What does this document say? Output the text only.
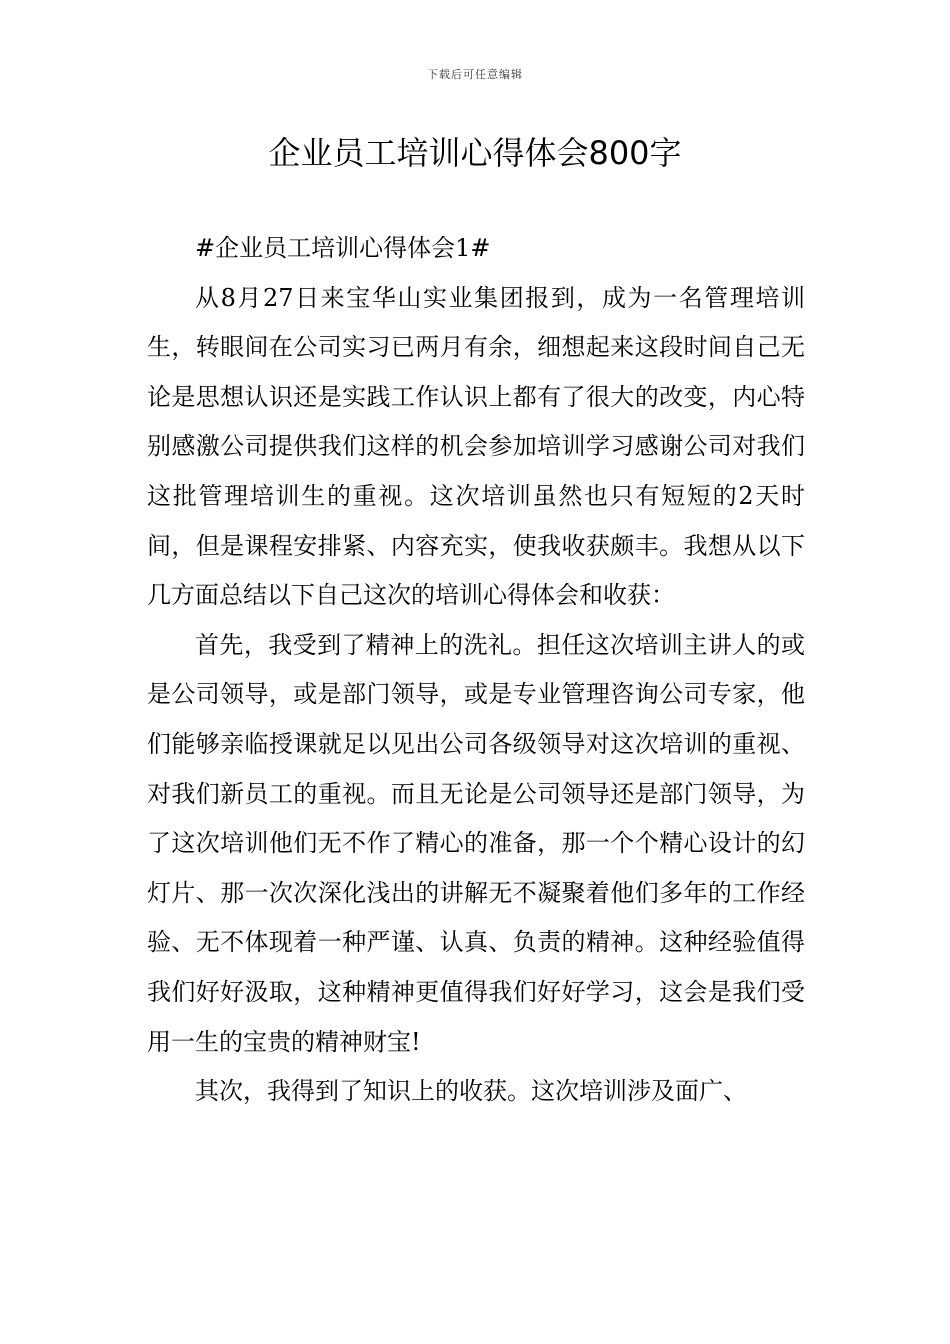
下载后可任意编辑
企业员工培训心得体会800字

#企业员工培训心得体会1#

从8月27日来宝华山实业集团报到，成为一名管理培训生，转眼间在公司实习已两月有余，细想起来这段时间自己无论是思想认识还是实践工作认识上都有了很大的改变，内心特别感激公司提供我们这样的机会参加培训学习感谢公司对我们这批管理培训生的重视。这次培训虽然也只有短短的2天时间，但是课程安排紧、内容充实，使我收获颇丰。我想从以下几方面总结以下自己这次的培训心得体会和收获：

首先，我受到了精神上的洗礼。担任这次培训主讲人的或是公司领导，或是部门领导，或是专业管理咨询公司专家，他们能够亲临授课就足以见出公司各级领导对这次培训的重视、对我们新员工的重视。而且无论是公司领导还是部门领导，为了这次培训他们无不作了精心的准备，那一个个精心设计的幻灯片、那一次次深化浅出的讲解无不凝聚着他们多年的工作经验、无不体现着一种严谨、认真、负责的精神。这种经验值得我们好好汲取，这种精神更值得我们好好学习，这会是我们受用一生的宝贵的精神财宝!

其次，我得到了知识上的收获。这次培训涉及面广、
